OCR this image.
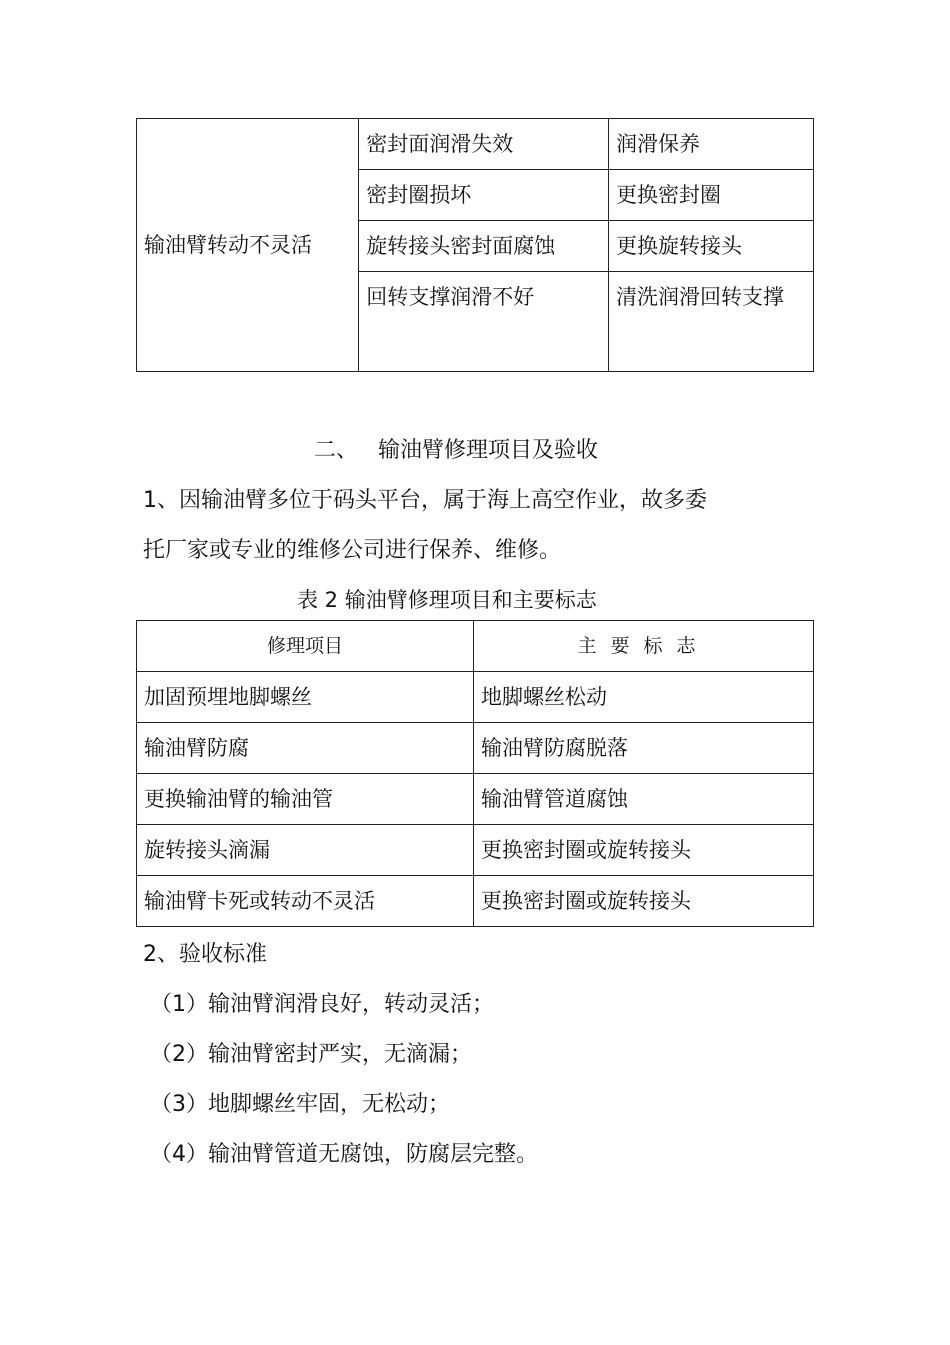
输油臂转动不灵活	密封面润滑失效	润滑保养
	密封圈损坏	更换密封圈
	旋转接头密封面腐蚀	更换旋转接头
	回转支撑润滑不好	清洗润滑回转支撑
二、 输油臂修理项目及验收
1、因输油臂多位于码头平台，属于海上高空作业，故多委
托厂家或专业的维修公司进行保养、维修。
表 2 输油臂修理项目和主要标志
修理项目	主要标志
加固预埋地脚螺丝	地脚螺丝松动
输油臂防腐	输油臂防腐脱落
更换输油臂的输油管	输油臂管道腐蚀
旋转接头滴漏	更换密封圈或旋转接头
输油臂卡死或转动不灵活	更换密封圈或旋转接头
2、验收标准
（1）输油臂润滑良好，转动灵活；
（2）输油臂密封严实，无滴漏；
（3）地脚螺丝牢固，无松动；
（4）输油臂管道无腐蚀，防腐层完整。
